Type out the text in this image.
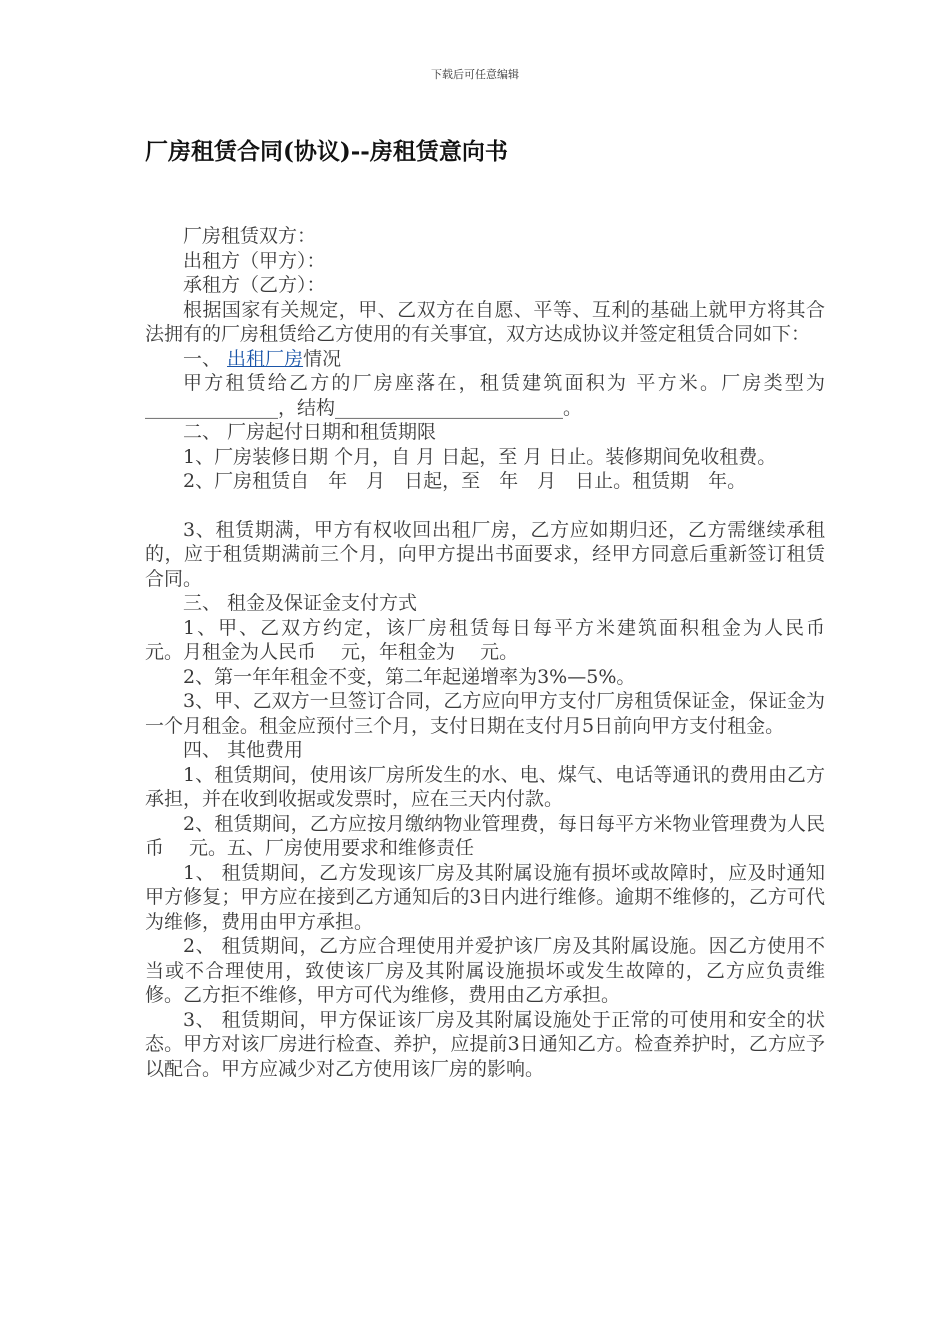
下载后可任意编辑
厂房租赁合同(协议)--房租赁意向书

厂房租赁双方：

出租方（甲方）：

承租方（乙方）：

根据国家有关规定，甲、乙双方在自愿、平等、互利的基础上就甲方将其合法拥有的厂房租赁给乙方使用的有关事宜，双方达成协议并签定租赁合同如下：

一、 出租厂房情况

甲方租赁给乙方的厂房座落在，租赁建筑面积为 平方米。厂房类型为______________，结构________________________。

二、 厂房起付日期和租赁期限

1、厂房装修日期 个月，自 月 日起，至 月 日止。装修期间免收租费。

2、厂房租赁自　年　月　日起，至　年　月　日止。租赁期　年。

3、租赁期满，甲方有权收回出租厂房，乙方应如期归还，乙方需继续承租的，应于租赁期满前三个月，向甲方提出书面要求，经甲方同意后重新签订租赁合同。

三、 租金及保证金支付方式

1、甲、乙双方约定，该厂房租赁每日每平方米建筑面积租金为人民币　 元。月租金为人民币　 元，年租金为　 元。

2、第一年年租金不变，第二年起递增率为3%—5%。

3、甲、乙双方一旦签订合同，乙方应向甲方支付厂房租赁保证金，保证金为一个月租金。租金应预付三个月，支付日期在支付月5日前向甲方支付租金。

四、 其他费用

1、租赁期间，使用该厂房所发生的水、电、煤气、电话等通讯的费用由乙方承担，并在收到收据或发票时，应在三天内付款。

2、租赁期间，乙方应按月缴纳物业管理费，每日每平方米物业管理费为人民币　 元。五、厂房使用要求和维修责任

1、 租赁期间，乙方发现该厂房及其附属设施有损坏或故障时，应及时通知甲方修复；甲方应在接到乙方通知后的3日内进行维修。逾期不维修的，乙方可代为维修，费用由甲方承担。

2、 租赁期间，乙方应合理使用并爱护该厂房及其附属设施。因乙方使用不当或不合理使用，致使该厂房及其附属设施损坏或发生故障的，乙方应负责维修。乙方拒不维修，甲方可代为维修，费用由乙方承担。

3、 租赁期间，甲方保证该厂房及其附属设施处于正常的可使用和安全的状态。甲方对该厂房进行检查、养护，应提前3日通知乙方。检查养护时，乙方应予以配合。甲方应减少对乙方使用该厂房的影响。
